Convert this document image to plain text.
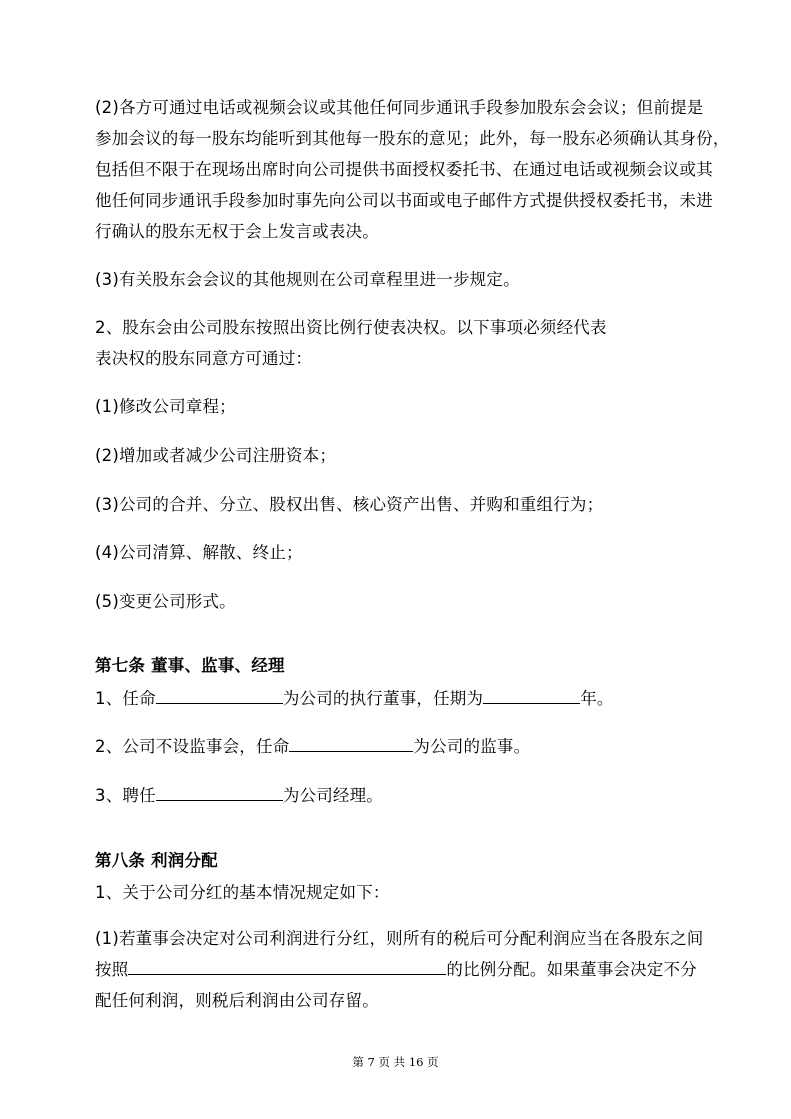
(2)各方可通过电话或视频会议或其他任何同步通讯手段参加股东会会议；但前提是
参加会议的每一股东均能听到其他每一股东的意见；此外，每一股东必须确认其身份，
包括但不限于在现场出席时向公司提供书面授权委托书、在通过电话或视频会议或其
他任何同步通讯手段参加时事先向公司以书面或电子邮件方式提供授权委托书，未进
行确认的股东无权于会上发言或表决。
(3)有关股东会会议的其他规则在公司章程里进一步规定。
2、股东会由公司股东按照出资比例行使表决权。以下事项必须经代表
表决权的股东同意方可通过：
(1)修改公司章程；
(2)增加或者减少公司注册资本；
(3)公司的合并、分立、股权出售、核心资产出售、并购和重组行为；
(4)公司清算、解散、终止；
(5)变更公司形式。
第七条 董事、监事、经理
1、任命	为公司的执行董事，任期为	年。
2、公司不设监事会，任命	为公司的监事。
3、聘任	为公司经理。
第八条 利润分配
1、关于公司分红的基本情况规定如下：
(1)若董事会决定对公司利润进行分红，则所有的税后可分配利润应当在各股东之间
按照	的比例分配。如果董事会决定不分
配任何利润，则税后利润由公司存留。
第 7 页 共 16 页
